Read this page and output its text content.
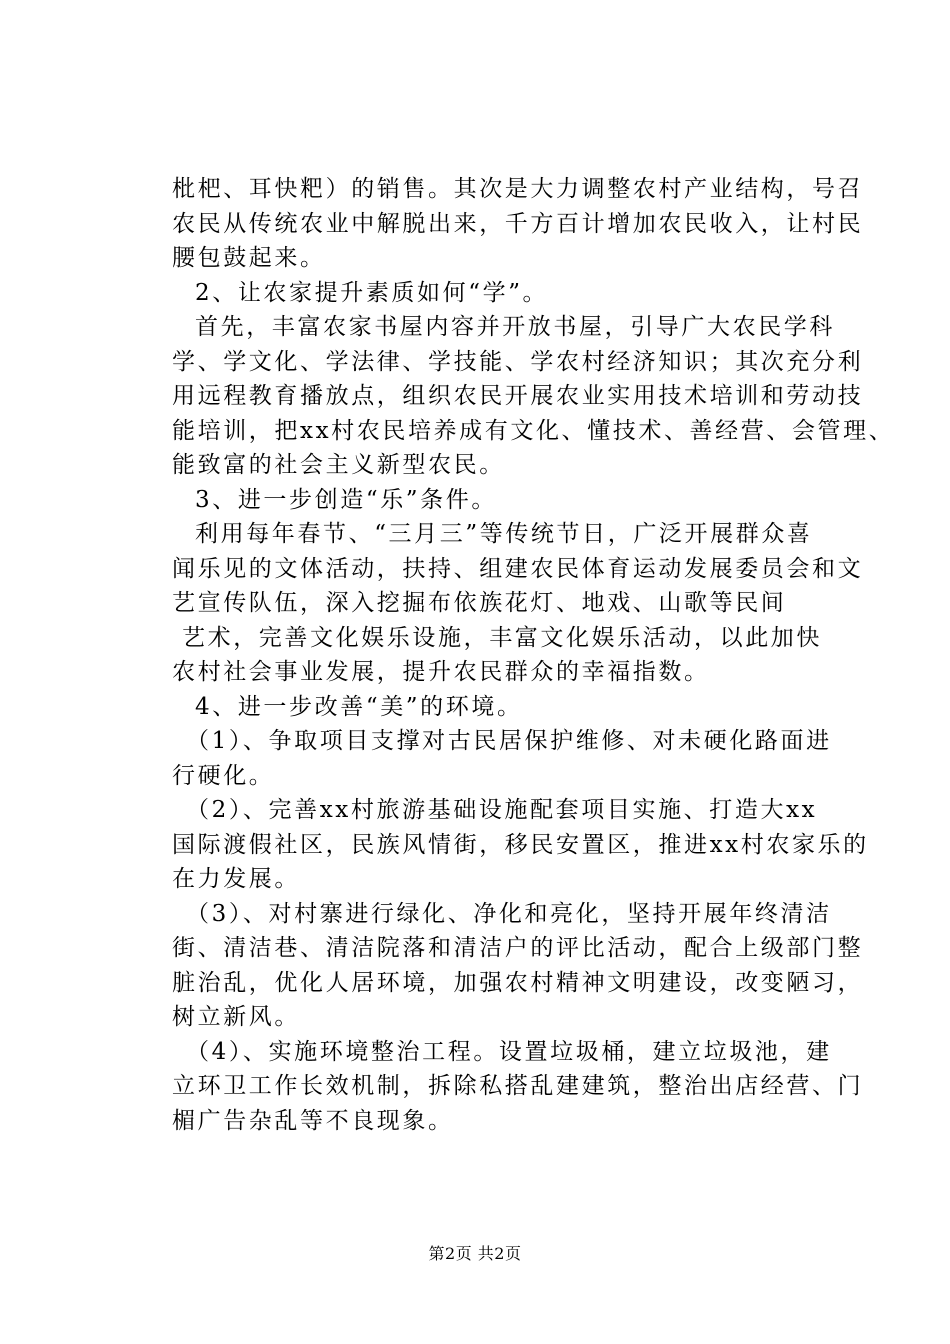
枇杷、耳快粑）的销售。其次是大力调整农村产业结构，号召
农民从传统农业中解脱出来，千方百计增加农民收入，让村民
腰包鼓起来。
2、让农家提升素质如何“学”。
首先，丰富农家书屋内容并开放书屋，引导广大农民学科
学、学文化、学法律、学技能、学农村经济知识；其次充分利
用远程教育播放点，组织农民开展农业实用技术培训和劳动技
能培训，把xx村农民培养成有文化、懂技术、善经营、会管理、
能致富的社会主义新型农民。
3、进一步创造“乐”条件。
利用每年春节、“三月三”等传统节日，广泛开展群众喜
闻乐见的文体活动，扶持、组建农民体育运动发展委员会和文
艺宣传队伍，深入挖掘布依族花灯、地戏、山歌等民间
艺术，完善文化娱乐设施，丰富文化娱乐活动，以此加快
农村社会事业发展，提升农民群众的幸福指数。
4、进一步改善“美”的环境。
（1）、争取项目支撑对古民居保护维修、对未硬化路面进
行硬化。
（2）、完善xx村旅游基础设施配套项目实施、打造大xx
国际渡假社区，民族风情街，移民安置区，推进xx村农家乐的
在力发展。
（3）、对村寨进行绿化、净化和亮化，坚持开展年终清洁
街、清洁巷、清洁院落和清洁户的评比活动，配合上级部门整
脏治乱，优化人居环境，加强农村精神文明建设，改变陋习，
树立新风。
（4）、实施环境整治工程。设置垃圾桶，建立垃圾池，建
立环卫工作长效机制，拆除私搭乱建建筑，整治出店经营、门
楣广告杂乱等不良现象。
第2页 共2页
